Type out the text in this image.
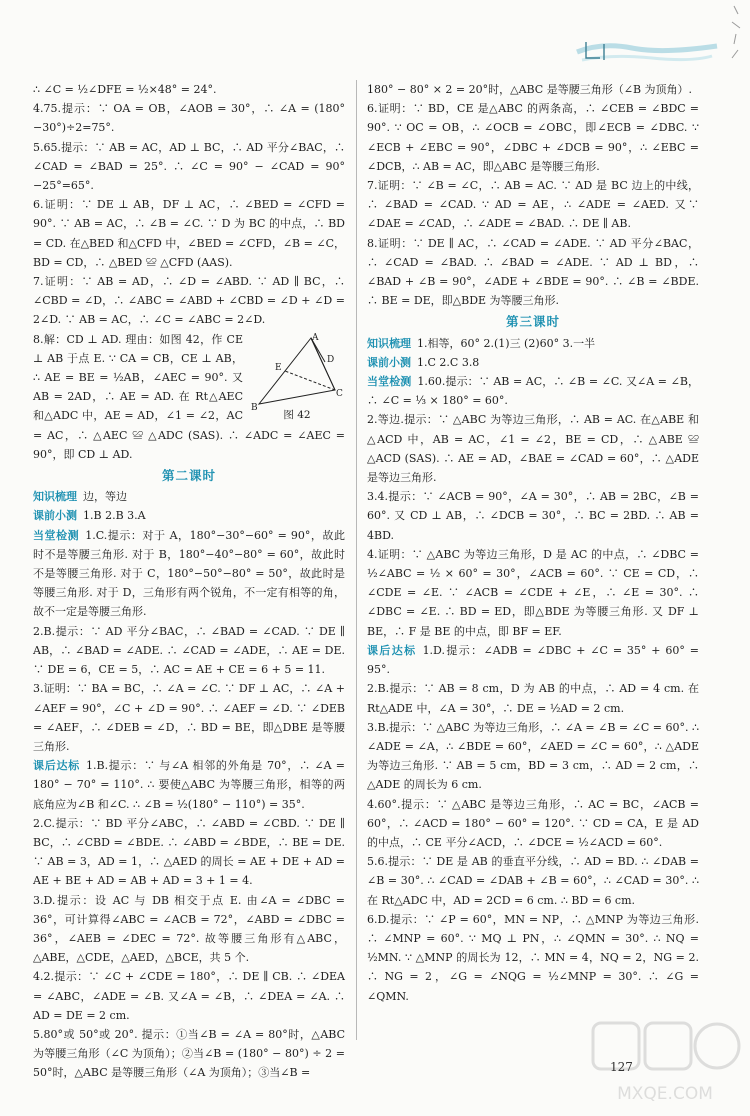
∴ ∠C = ½∠DFE = ½×48° = 24°.

4.75.提示：∵ OA = OB，∠AOB = 30°，∴ ∠A = (180°−30°)÷2=75°.

5.65.提示：∵ AB = AC，AD ⊥ BC，∴ AD 平分∠BAC，∴ ∠CAD = ∠BAD = 25°. ∴ ∠C = 90° − ∠CAD = 90°−25°=65°.

6.证明：∵ DE ⊥ AB，DF ⊥ AC，∴ ∠BED = ∠CFD = 90°. ∵ AB = AC，∴ ∠B = ∠C. ∵ D 为 BC 的中点，∴ BD = CD. 在△BED 和△CFD 中，∠BED = ∠CFD，∠B = ∠C，BD = CD，∴ △BED ≌ △CFD (AAS).

7.证明：∵ AB = AD，∴ ∠D = ∠ABD. ∵ AD ∥ BC，∴ ∠CBD = ∠D，∴ ∠ABC = ∠ABD + ∠CBD = ∠D + ∠D = 2∠D. ∵ AB = AC，∴ ∠C = ∠ABC = 2∠D.

A
B
C
D
E
图 42

8.解：CD ⊥ AD. 理由：如图 42，作 CE ⊥ AB 于点 E. ∵ CA = CB，CE ⊥ AB，∴ AE = BE = ½AB，∠AEC = 90°. 又 AB = 2AD，∴ AE = AD. 在 Rt△AEC 和△ADC 中，AE = AD，∠1 = ∠2，AC = AC，∴ △AEC ≌ △ADC (SAS). ∴ ∠ADC = ∠AEC = 90°，即 CD ⊥ AD.

第二课时

知识梳理 边，等边

课前小测 1.B 2.B 3.A

当堂检测 1.C.提示：对于 A，180°−30°−60° = 90°，故此时不是等腰三角形. 对于 B，180°−40°−80° = 60°，故此时不是等腰三角形. 对于 C，180°−50°−80° = 50°，故此时是等腰三角形. 对于 D，三角形有两个锐角，不一定有相等的角，故不一定是等腰三角形.

2.B.提示：∵ AD 平分∠BAC，∴ ∠BAD = ∠CAD. ∵ DE ∥ AB，∴ ∠BAD = ∠ADE. ∴ ∠CAD = ∠ADE，∴ AE = DE. ∵ DE = 6，CE = 5，∴ AC = AE + CE = 6 + 5 = 11.

3.证明：∵ BA = BC，∴ ∠A = ∠C. ∵ DF ⊥ AC，∴ ∠A + ∠AEF = 90°，∠C + ∠D = 90°. ∴ ∠AEF = ∠D. ∵ ∠DEB = ∠AEF，∴ ∠DEB = ∠D，∴ BD = BE，即△DBE 是等腰三角形.

课后达标 1.B.提示：∵ 与∠A 相邻的外角是 70°，∴ ∠A = 180° − 70° = 110°. ∴ 要使△ABC 为等腰三角形，相等的两底角应为∠B 和∠C. ∴ ∠B = ½(180° − 110°) = 35°.

2.C.提示：∵ BD 平分∠ABC，∴ ∠ABD = ∠CBD. ∵ DE ∥ BC，∴ ∠CBD = ∠BDE. ∴ ∠ABD = ∠BDE，∴ BE = DE. ∵ AB = 3，AD = 1，∴ △AED 的周长 = AE + DE + AD = AE + BE + AD = AB + AD = 3 + 1 = 4.

3.D.提示：设 AC 与 DB 相交于点 E. 由∠A = ∠DBC = 36°，可计算得∠ABC = ∠ACB = 72°，∠ABD = ∠DBC = 36°，∠AEB = ∠DEC = 72°. 故等腰三角形有△ABC，△ABE，△CDE，△AED，△BCE，共 5 个.

4.2.提示：∵ ∠C + ∠CDE = 180°，∴ DE ∥ CB. ∴ ∠DEA = ∠ABC，∠ADE = ∠B. 又∠A = ∠B，∴ ∠DEA = ∠A. ∴ AD = DE = 2 cm.

5.80°或 50°或 20°. 提示：①当∠B = ∠A = 80°时，△ABC 为等腰三角形（∠C 为顶角）；②当∠B = (180° − 80°) ÷ 2 = 50°时，△ABC 是等腰三角形（∠A 为顶角）；③当∠B =

180° − 80° × 2 = 20°时，△ABC 是等腰三角形（∠B 为顶角）.

6.证明：∵ BD，CE 是△ABC 的两条高，∴ ∠CEB = ∠BDC = 90°. ∵ OC = OB，∴ ∠OCB = ∠OBC，即∠ECB = ∠DBC. ∵ ∠ECB + ∠EBC = 90°，∠DBC + ∠DCB = 90°，∴ ∠EBC = ∠DCB，∴ AB = AC，即△ABC 是等腰三角形.

7.证明：∵ ∠B = ∠C，∴ AB = AC. ∵ AD 是 BC 边上的中线，∴ ∠BAD = ∠CAD. ∵ AD = AE，∴ ∠ADE = ∠AED. 又∵ ∠DAE = ∠CAD，∴ ∠ADE = ∠BAD. ∴ DE ∥ AB.

8.证明：∵ DE ∥ AC，∴ ∠CAD = ∠ADE. ∵ AD 平分∠BAC，∴ ∠CAD = ∠BAD. ∴ ∠BAD = ∠ADE. ∵ AD ⊥ BD，∴ ∠BAD + ∠B = 90°，∠ADE + ∠BDE = 90°. ∴ ∠B = ∠BDE. ∴ BE = DE，即△BDE 为等腰三角形.

第三课时

知识梳理 1.相等，60° 2.(1)三 (2)60° 3.一半

课前小测 1.C 2.C 3.8

当堂检测 1.60.提示：∵ AB = AC，∴ ∠B = ∠C. 又∠A = ∠B，∴ ∠C = ⅓ × 180° = 60°.

2.等边.提示：∵ △ABC 为等边三角形，∴ AB = AC. 在△ABE 和△ACD 中，AB = AC，∠1 = ∠2，BE = CD，∴ △ABE ≌ △ACD (SAS). ∴ AE = AD，∠BAE = ∠CAD = 60°，∴ △ADE 是等边三角形.

3.4.提示：∵ ∠ACB = 90°，∠A = 30°，∴ AB = 2BC，∠B = 60°. 又 CD ⊥ AB，∴ ∠DCB = 30°，∴ BC = 2BD. ∴ AB = 4BD.

4.证明：∵ △ABC 为等边三角形，D 是 AC 的中点，∴ ∠DBC = ½∠ABC = ½ × 60° = 30°，∠ACB = 60°. ∵ CE = CD，∴ ∠CDE = ∠E. ∵ ∠ACB = ∠CDE + ∠E，∴ ∠E = 30°. ∴ ∠DBC = ∠E. ∴ BD = ED，即△BDE 为等腰三角形. 又 DF ⊥ BE，∴ F 是 BE 的中点，即 BF = EF.

课后达标 1.D.提示：∠ADB = ∠DBC + ∠C = 35° + 60° = 95°.

2.B.提示：∵ AB = 8 cm，D 为 AB 的中点，∴ AD = 4 cm. 在 Rt△ADE 中，∠A = 30°，∴ DE = ½AD = 2 cm.

3.B.提示：∵ △ABC 为等边三角形，∴ ∠A = ∠B = ∠C = 60°. ∴ ∠ADE = ∠A，∴ ∠BDE = 60°，∠AED = ∠C = 60°，∴ △ADE 为等边三角形. ∵ AB = 5 cm，BD = 3 cm，∴ AD = 2 cm，∴ △ADE 的周长为 6 cm.

4.60°.提示：∵ △ABC 是等边三角形，∴ AC = BC，∠ACB = 60°，∴ ∠ACD = 180° − 60° = 120°. ∵ CD = CA，E 是 AD 的中点，∴ CE 平分∠ACD，∴ ∠DCE = ½∠ACD = 60°.

5.6.提示：∵ DE 是 AB 的垂直平分线，∴ AD = BD. ∴ ∠DAB = ∠B = 30°. ∴ ∠CAD = ∠DAB + ∠B = 60°，∴ ∠CAD = 30°. ∴ 在 Rt△ADC 中，AD = 2CD = 6 cm. ∴ BD = 6 cm.

6.D.提示：∵ ∠P = 60°，MN = NP，∴ △MNP 为等边三角形. ∴ ∠MNP = 60°. ∵ MQ ⊥ PN，∴ ∠QMN = 30°. ∴ NQ = ½MN. ∵ △MNP 的周长为 12，∴ MN = 4，NQ = 2，NG = 2. ∴ NG = 2，∠G = ∠NQG = ½∠MNP = 30°. ∴ ∠G = ∠QMN.

MXQE.COM
127
